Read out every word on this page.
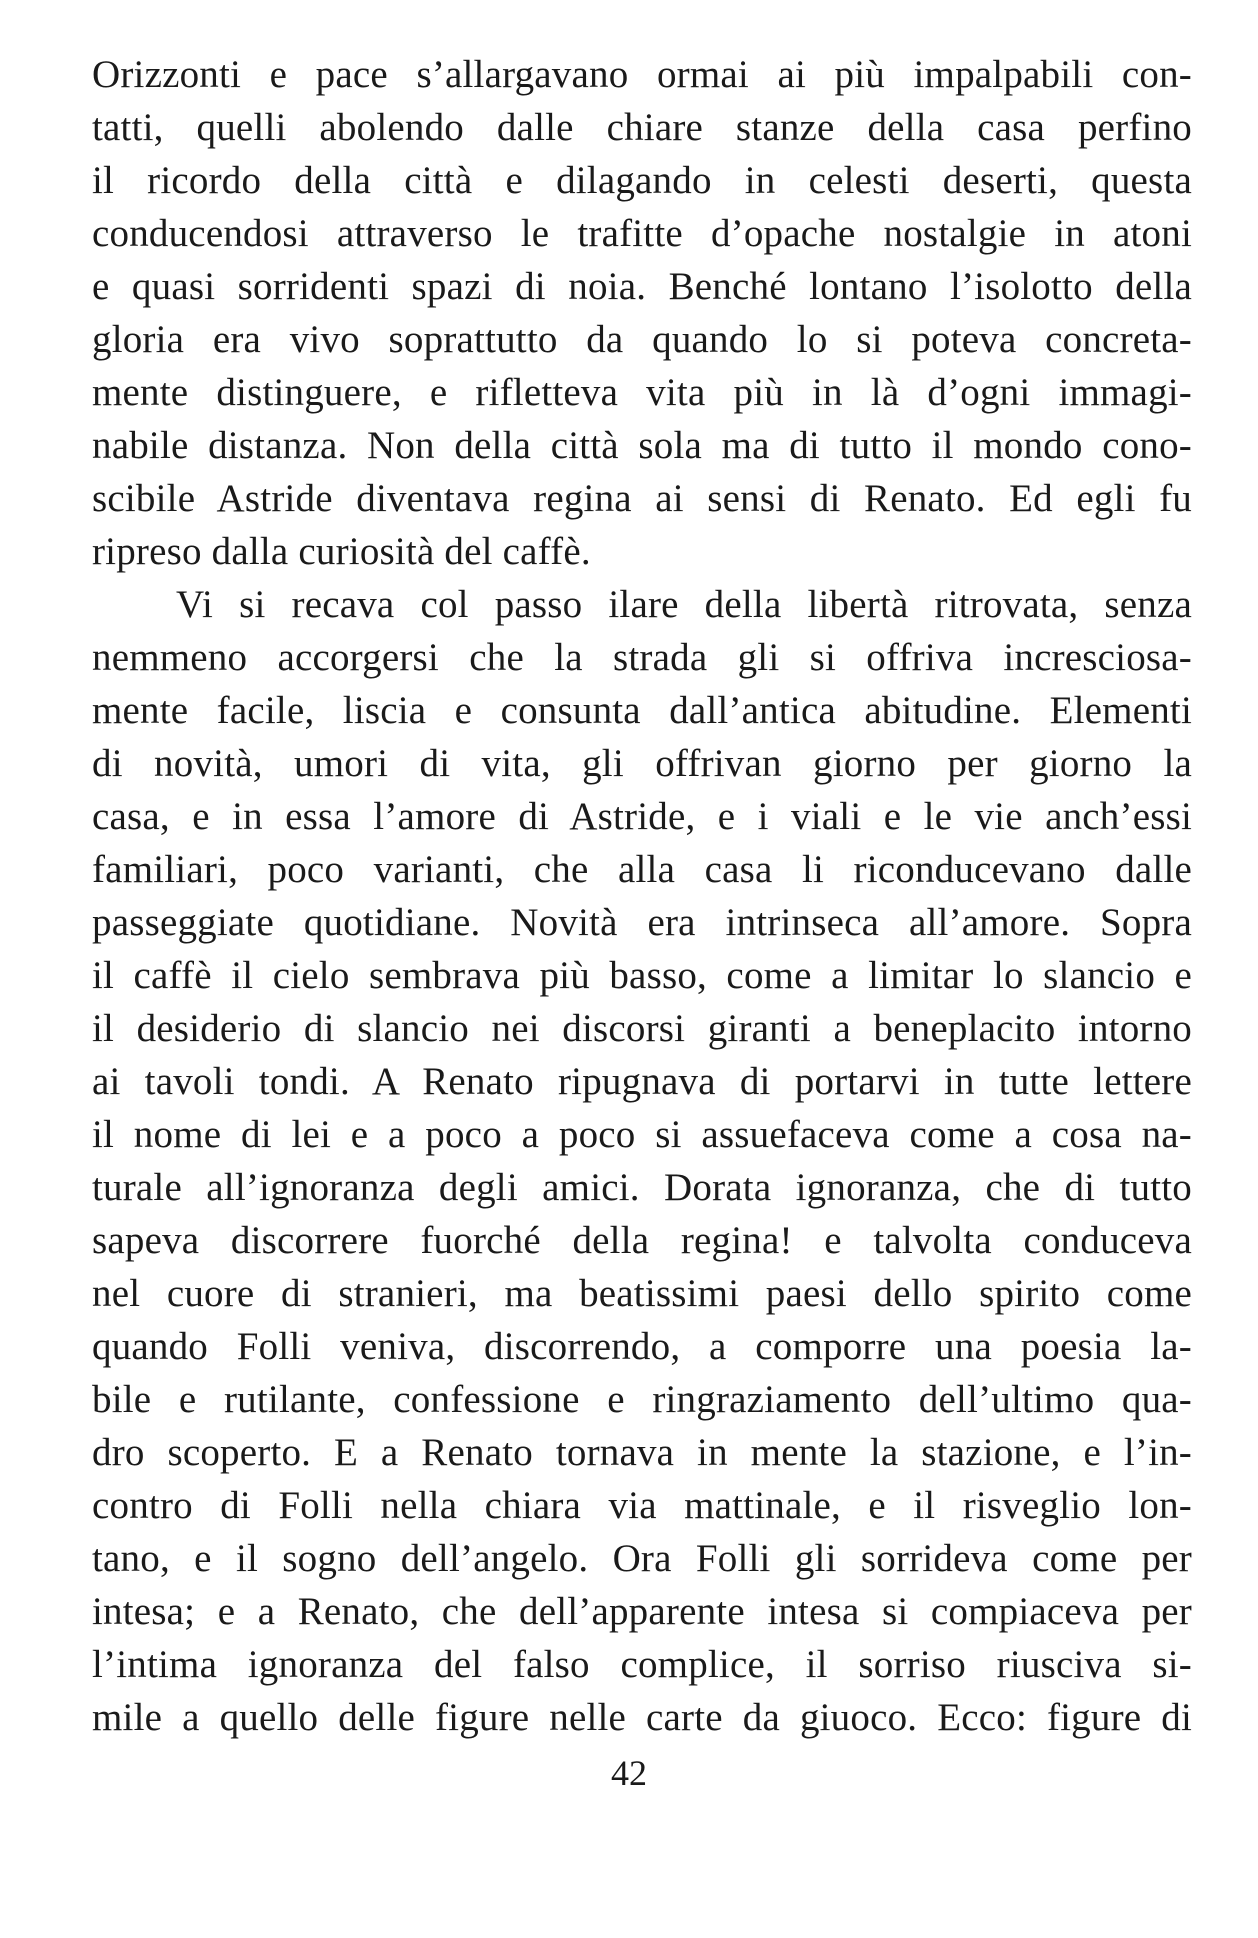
Orizzonti e pace s’allargavano ormai ai più impalpabili con-
tatti, quelli abolendo dalle chiare stanze della casa perfino
il ricordo della città e dilagando in celesti deserti, questa
conducendosi attraverso le trafitte d’opache nostalgie in atoni
e quasi sorridenti spazi di noia. Benché lontano l’isolotto della
gloria era vivo soprattutto da quando lo si poteva concreta-
mente distinguere, e rifletteva vita più in là d’ogni immagi-
nabile distanza. Non della città sola ma di tutto il mondo cono-
scibile Astride diventava regina ai sensi di Renato. Ed egli fu
ripreso dalla curiosità del caffè.
Vi si recava col passo ilare della libertà ritrovata, senza
nemmeno accorgersi che la strada gli si offriva incresciosa-
mente facile, liscia e consunta dall’antica abitudine. Elementi
di novità, umori di vita, gli offrivan giorno per giorno la
casa, e in essa l’amore di Astride, e i viali e le vie anch’essi
familiari, poco varianti, che alla casa li riconducevano dalle
passeggiate quotidiane. Novità era intrinseca all’amore. Sopra
il caffè il cielo sembrava più basso, come a limitar lo slancio e
il desiderio di slancio nei discorsi giranti a beneplacito intorno
ai tavoli tondi. A Renato ripugnava di portarvi in tutte lettere
il nome di lei e a poco a poco si assuefaceva come a cosa na-
turale all’ignoranza degli amici. Dorata ignoranza, che di tutto
sapeva discorrere fuorché della regina! e talvolta conduceva
nel cuore di stranieri, ma beatissimi paesi dello spirito come
quando Folli veniva, discorrendo, a comporre una poesia la-
bile e rutilante, confessione e ringraziamento dell’ultimo qua-
dro scoperto. E a Renato tornava in mente la stazione, e l’in-
contro di Folli nella chiara via mattinale, e il risveglio lon-
tano, e il sogno dell’angelo. Ora Folli gli sorrideva come per
intesa; e a Renato, che dell’apparente intesa si compiaceva per
l’intima ignoranza del falso complice, il sorriso riusciva si-
mile a quello delle figure nelle carte da giuoco. Ecco: figure di
42
